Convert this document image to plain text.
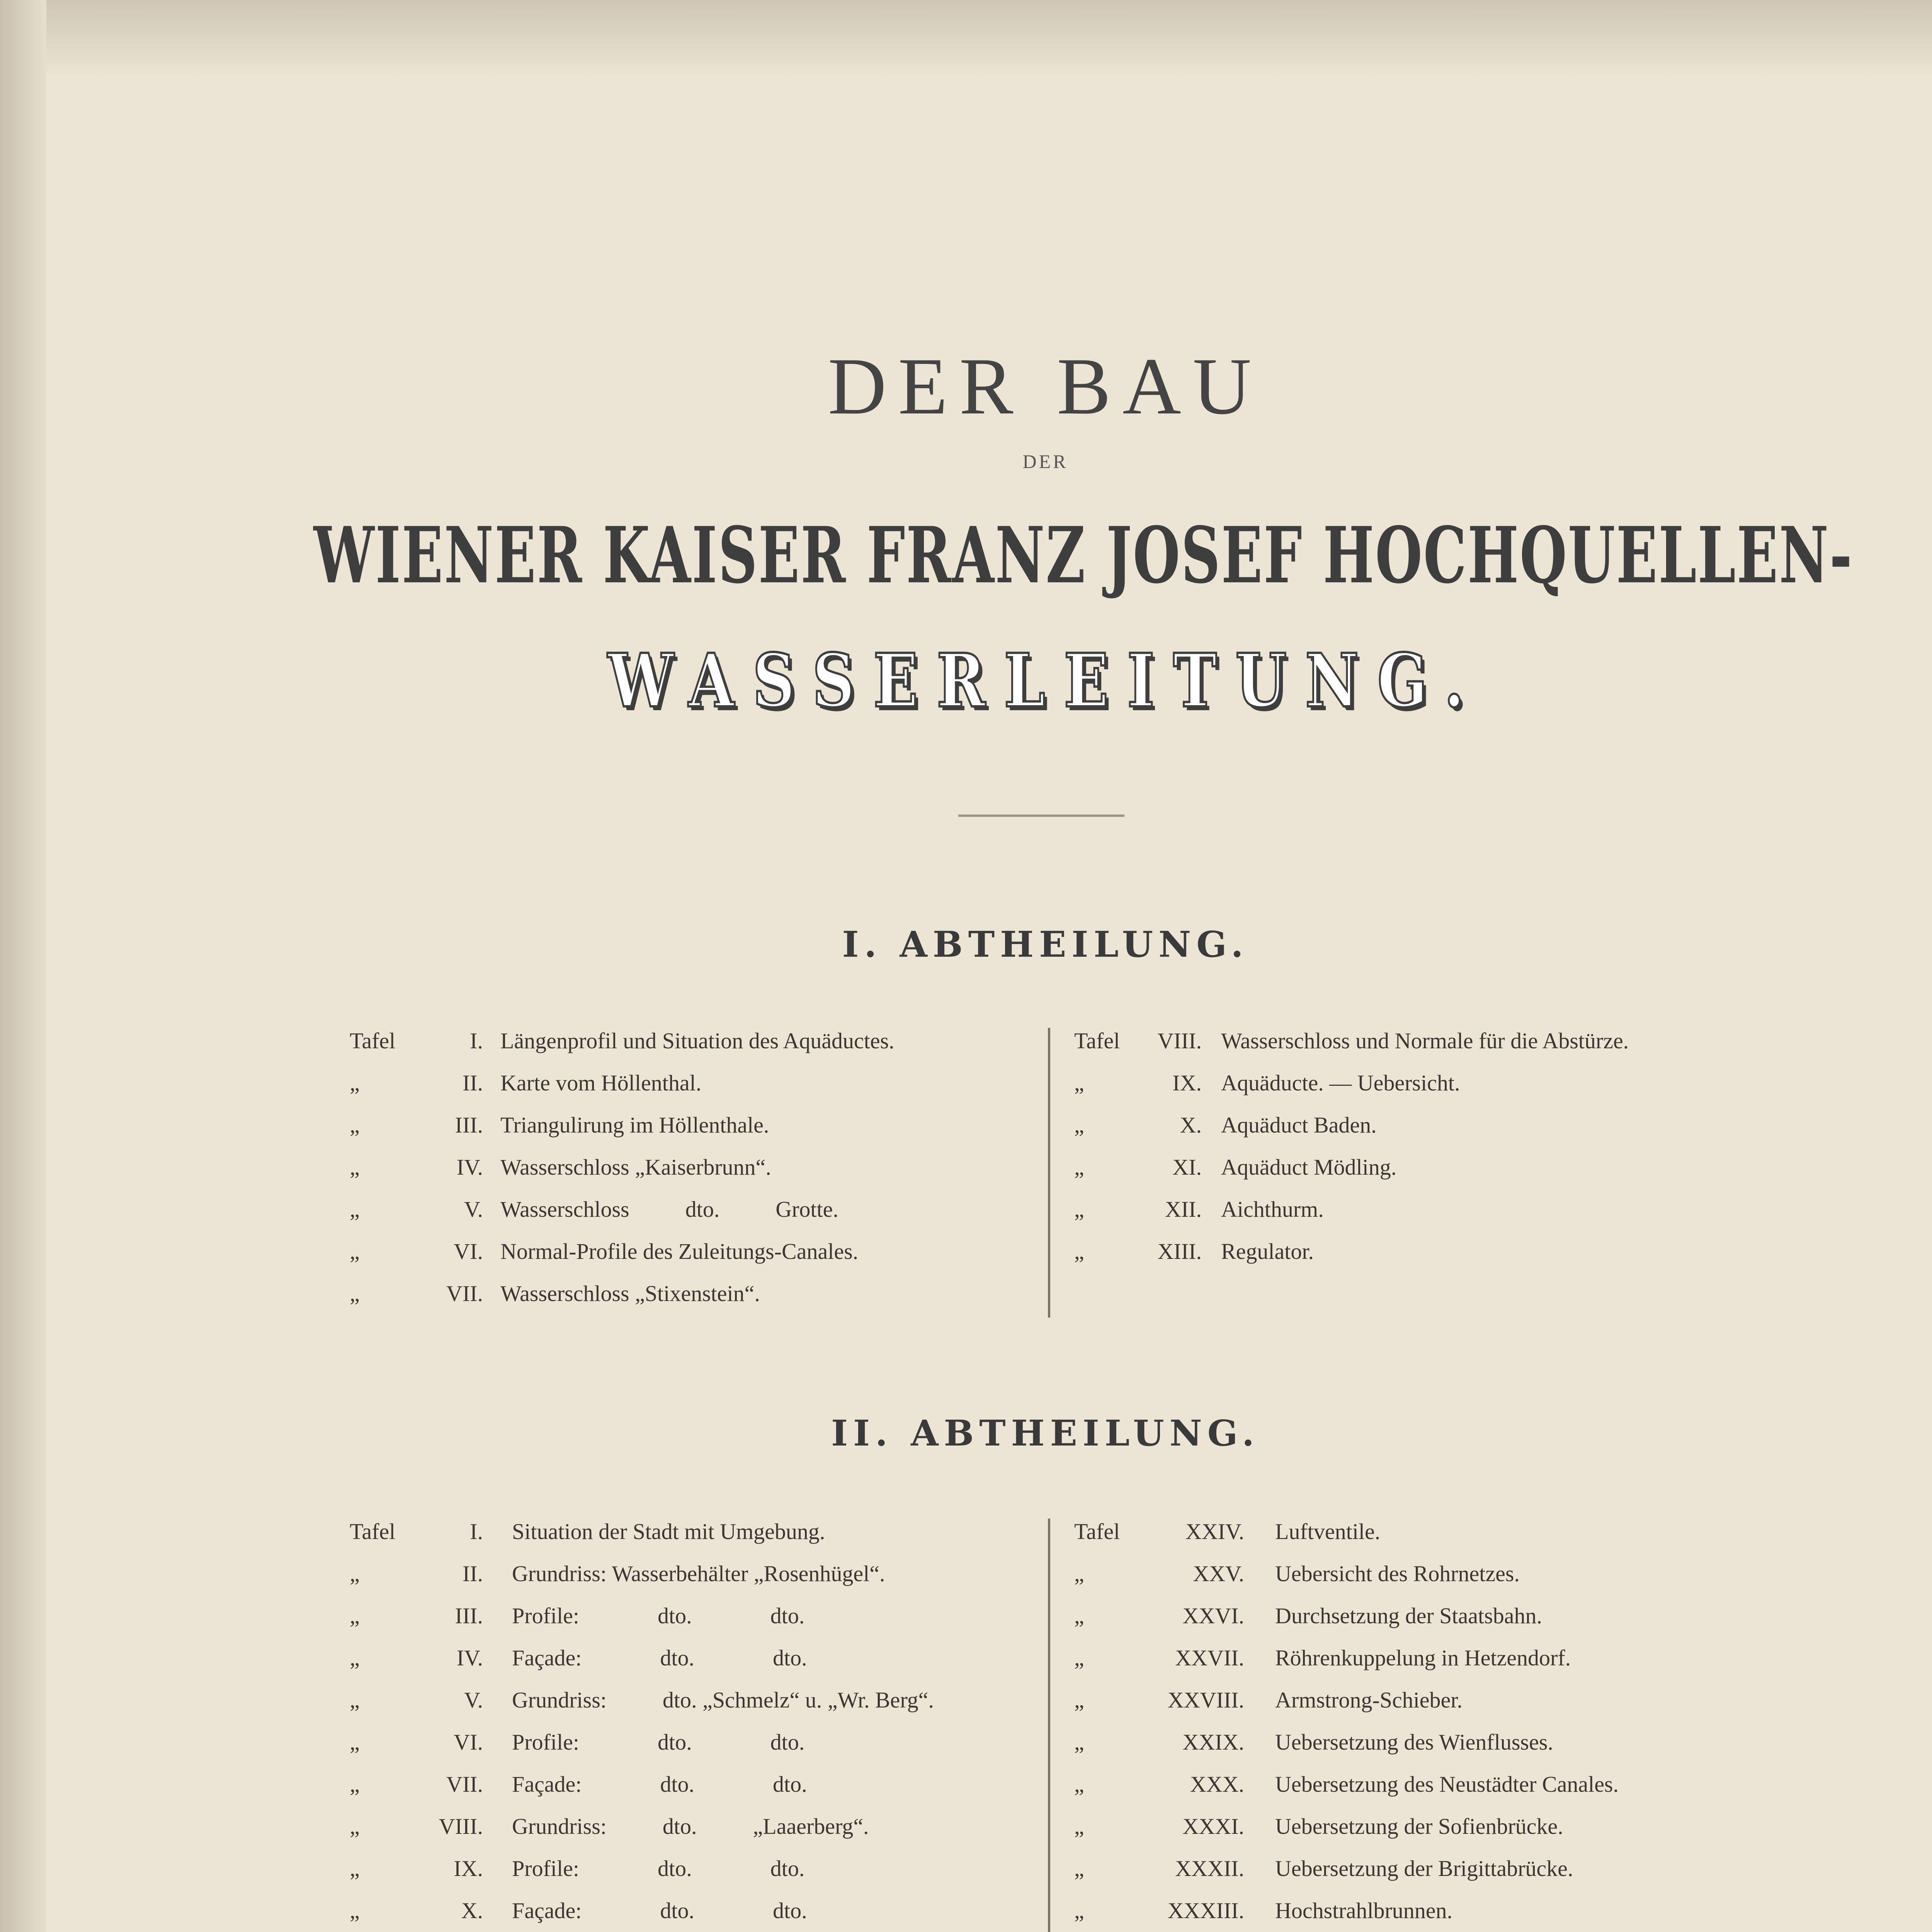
DER BAU
DER
WIENER KAISER FRANZ JOSEF HOCHQUELLEN-
WASSERLEITUNG.
I. ABTHEILUNG.
Tafel	I. Längenprofil und Situation des Aquäductes.
„	II. Karte vom Höllenthal.
„	III. Triangulirung im Höllenthale.
„	IV. Wasserschloss „Kaiserbrunn“.
„	V. Wasserschloss          dto.          Grotte.
„	VI. Normal-Profile des Zuleitungs-Canales.
„	VII. Wasserschloss „Stixenstein“.
Tafel	VIII. Wasserschloss und Normale für die Abstürze.
„	IX. Aquäducte. — Uebersicht.
„	X. Aquäduct Baden.
„	XI. Aquäduct Mödling.
„	XII. Aichthurm.
„	XIII. Regulator.
II. ABTHEILUNG.
Tafel	I. Situation der Stadt mit Umgebung.
„	II. Grundriss: Wasserbehälter „Rosenhügel“.
„	III. Profile:              dto.              dto.
„	IV. Façade:              dto.              dto.
„	V. Grundriss:          dto. „Schmelz“ u. „Wr. Berg“.
„	VI. Profile:              dto.              dto.
„	VII. Façade:              dto.              dto.
„	VIII. Grundriss:          dto.          „Laaerberg“.
„	IX. Profile:              dto.              dto.
„	X. Façade:              dto.              dto.
Tafel	XXIV. Luftventile.
„	XXV. Uebersicht des Rohrnetzes.
„	XXVI. Durchsetzung der Staatsbahn.
„	XXVII. Röhrenkuppelung in Hetzendorf.
„	XXVIII. Armstrong-Schieber.
„	XXIX. Uebersetzung des Wienflusses.
„	XXX. Uebersetzung des Neustädter Canales.
„	XXXI. Uebersetzung der Sofienbrücke.
„	XXXII. Uebersetzung der Brigittabrücke.
„	XXXIII. Hochstrahlbrunnen.
